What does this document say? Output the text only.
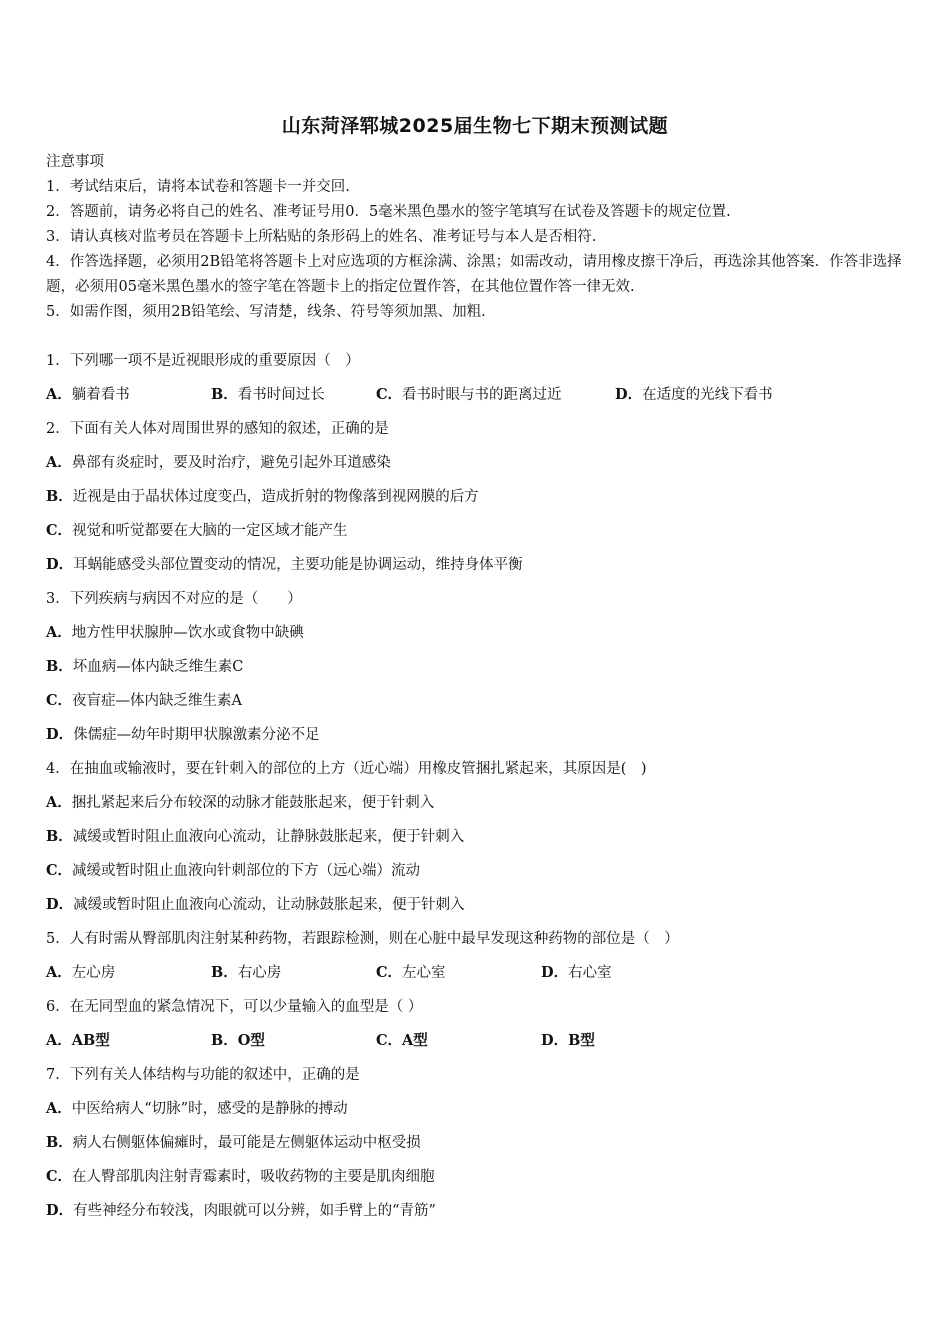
山东菏泽郓城2025届生物七下期末预测试题
注意事项
1．考试结束后，请将本试卷和答题卡一并交回.
2．答题前，请务必将自己的姓名、准考证号用0．5毫米黑色墨水的签字笔填写在试卷及答题卡的规定位置.
3．请认真核对监考员在答题卡上所粘贴的条形码上的姓名、准考证号与本人是否相符.
4．作答选择题，必须用2B铅笔将答题卡上对应选项的方框涂满、涂黑；如需改动，请用橡皮擦干净后，再选涂其他答案．作答非选择题，必须用05毫米黑色墨水的签字笔在答题卡上的指定位置作答，在其他位置作答一律无效.
5．如需作图，须用2B铅笔绘、写清楚，线条、符号等须加黑、加粗.
1．下列哪一项不是近视眼形成的重要原因（　）
A．躺着看书	B．看书时间过长	C．看书时眼与书的距离过近	D．在适度的光线下看书
2．下面有关人体对周围世界的感知的叙述，正确的是
A．鼻部有炎症时，要及时治疗，避免引起外耳道感染
B．近视是由于晶状体过度变凸，造成折射的物像落到视网膜的后方
C．视觉和听觉都要在大脑的一定区域才能产生
D．耳蜗能感受头部位置变动的情况，主要功能是协调运动，维持身体平衡
3．下列疾病与病因不对应的是（　　）
A．地方性甲状腺肿—饮水或食物中缺碘
B．坏血病—体内缺乏维生素C
C．夜盲症—体内缺乏维生素A
D．侏儒症—幼年时期甲状腺激素分泌不足
4．在抽血或输液时，要在针刺入的部位的上方（近心端）用橡皮管捆扎紧起来，其原因是(　)
A．捆扎紧起来后分布较深的动脉才能鼓胀起来，便于针刺入
B．减缓或暂时阻止血液向心流动，让静脉鼓胀起来，便于针刺入
C．减缓或暂时阻止血液向针刺部位的下方（远心端）流动
D．减缓或暂时阻止血液向心流动，让动脉鼓胀起来，便于针刺入
5．人有时需从臀部肌肉注射某种药物，若跟踪检测，则在心脏中最早发现这种药物的部位是（　）
A．左心房	B．右心房	C．左心室	D．右心室
6．在无同型血的紧急情况下，可以少量输入的血型是（ ）
A．AB型	B．O型	C．A型	D．B型
7．下列有关人体结构与功能的叙述中，正确的是
A．中医给病人“切脉”时，感受的是静脉的搏动
B．病人右侧躯体偏瘫时，最可能是左侧躯体运动中枢受损
C．在人臀部肌肉注射青霉素时，吸收药物的主要是肌肉细胞
D．有些神经分布较浅，肉眼就可以分辨，如手臂上的“青筋”
